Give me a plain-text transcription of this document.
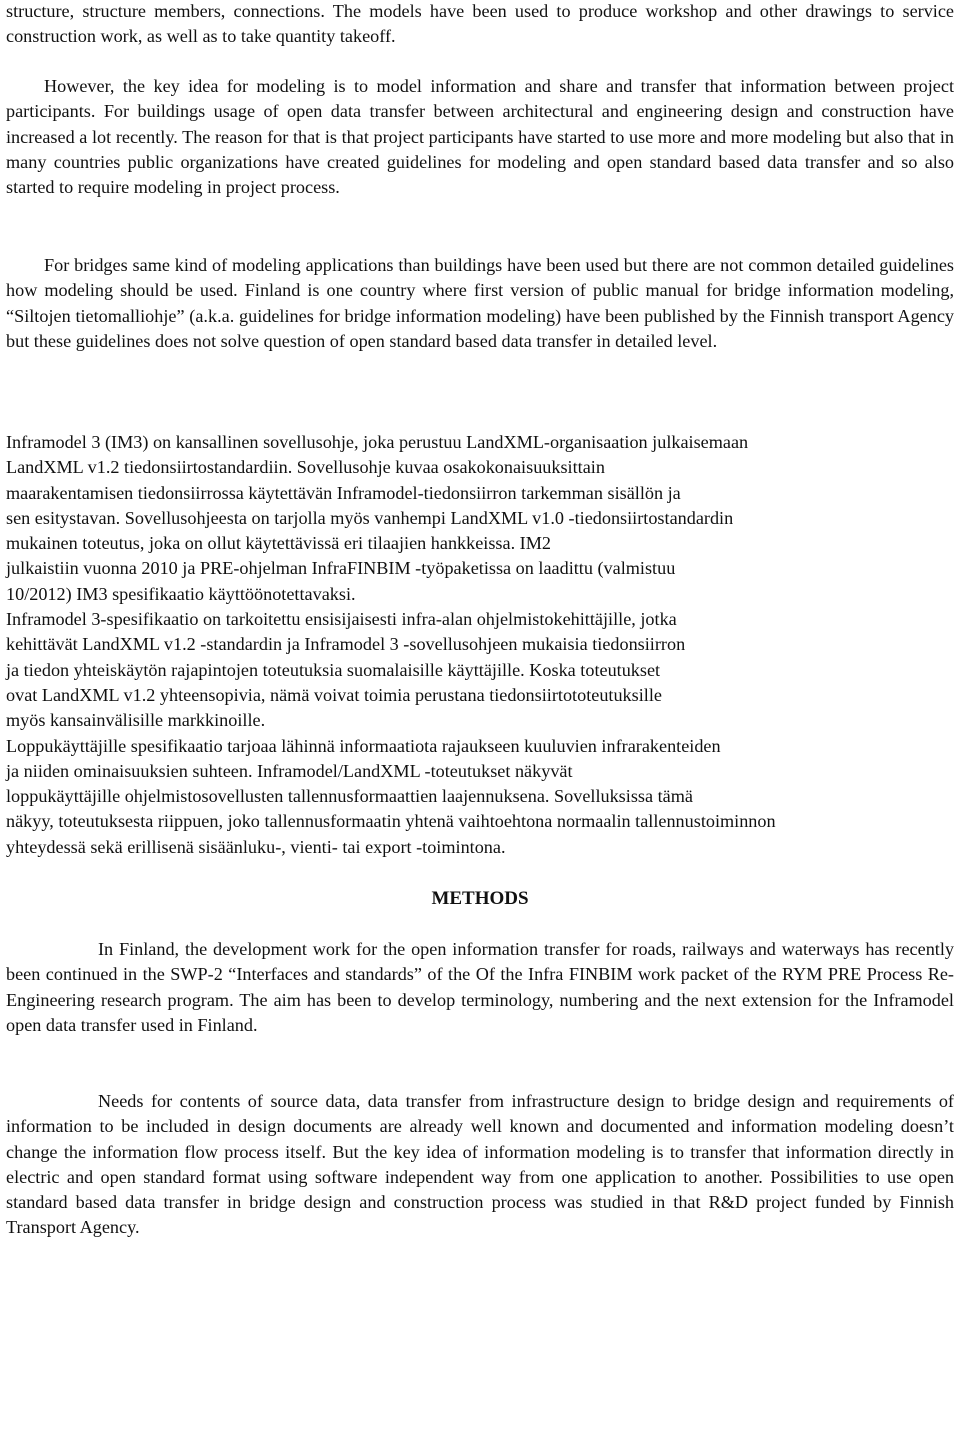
structure, structure members, connections. The models have been used to produce workshop and other drawings to service construction work, as well as to take quantity takeoff.

However, the key idea for modeling is to model information and share and transfer that information between project participants. For buildings usage of open data transfer between architectural and engineering design and construction have increased a lot recently. The reason for that is that project participants have started to use more and more modeling but also that in many countries public organizations have created guidelines for modeling and open standard based data transfer and so also started to require modeling in project process.

For bridges same kind of modeling applications than buildings have been used but there are not common detailed guidelines how modeling should be used. Finland is one country where first version of public manual for bridge information modeling, “Siltojen tietomalliohje” (a.k.a. guidelines for bridge information modeling) have been published by the Finnish transport Agency but these guidelines does not solve question of open standard based data transfer in detailed level.

Inframodel 3 (IM3) on kansallinen sovellusohje, joka perustuu LandXML-organisaation julkaisemaan
LandXML v1.2 tiedonsiirtostandardiin. Sovellusohje kuvaa osakokonaisuuksittain
maarakentamisen tiedonsiirrossa käytettävän Inframodel-tiedonsiirron tarkemman sisällön ja
sen esitystavan. Sovellusohjeesta on tarjolla myös vanhempi LandXML v1.0 -tiedonsiirtostandardin
mukainen toteutus, joka on ollut käytettävissä eri tilaajien hankkeissa. IM2
julkaistiin vuonna 2010 ja PRE-ohjelman InfraFINBIM -työpaketissa on laadittu (valmistuu
10/2012) IM3 spesifikaatio käyttöönotettavaksi.
Inframodel 3-spesifikaatio on tarkoitettu ensisijaisesti infra-alan ohjelmistokehittäjille, jotka
kehittävät LandXML v1.2 -standardin ja Inframodel 3 -sovellusohjeen mukaisia tiedonsiirron
ja tiedon yhteiskäytön rajapintojen toteutuksia suomalaisille käyttäjille. Koska toteutukset
ovat LandXML v1.2 yhteensopivia, nämä voivat toimia perustana tiedonsiirtototeutuksille
myös kansainvälisille markkinoille.
Loppukäyttäjille spesifikaatio tarjoaa lähinnä informaatiota rajaukseen kuuluvien infrarakenteiden
ja niiden ominaisuuksien suhteen. Inframodel/LandXML -toteutukset näkyvät
loppukäyttäjille ohjelmistosovellusten tallennusformaattien laajennuksena. Sovelluksissa tämä
näkyy, toteutuksesta riippuen, joko tallennusformaatin yhtenä vaihtoehtona normaalin tallennustoiminnon
yhteydessä sekä erillisenä sisäänluku-, vienti- tai export -toimintona.
METHODS

In Finland, the development work for the open information transfer for roads, railways and waterways has recently been continued in the SWP-2 “Interfaces and standards” of the Of the Infra FINBIM work packet of the RYM PRE Process Re-Engineering research program. The aim has been to develop terminology, numbering and the next extension for the Inframodel open data transfer used in Finland.

Needs for contents of source data, data transfer from infrastructure design to bridge design and requirements of information to be included in design documents are already well known and documented and information modeling doesn’t change the information flow process itself. But the key idea of information modeling is to transfer that information directly in electric and open standard format using software independent way from one application to another. Possibilities to use open standard based data transfer in bridge design and construction process was studied in that R&D project funded by Finnish Transport Agency.
